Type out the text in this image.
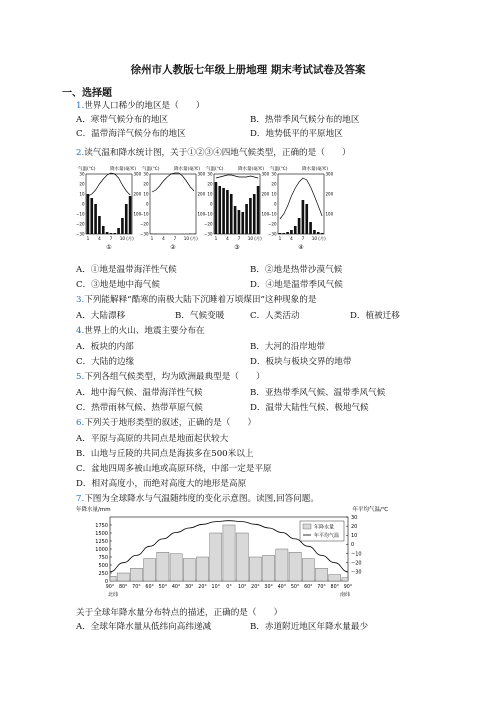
徐州市人教版七年级上册地理 期末考试试卷及答案
一、选择题
1.世界人口稀少的地区是（　　）
A．寒带气候分布的地区	B．热带季风气候分布的地区
C．温带海洋气候分布的地区	D．地势低平的平原地区
2.读气温和降水统计图，关于①②③④四地气候类型，正确的是（　　）
气温(℃)	降水量(毫米)
30
20
10
0
−10
−20
−30
300
200
100
1 4 7 10 (月)
①
气温(℃)	降水量(毫米)
30
20
10
0
−10
−20
−30
300
200
100
1 4 7 10 (月)
②
气温(℃)	降水量(毫米)
30
20
10
0
−10
−20
−30
300
200
100
1 4 7 10 (月)
③
气温(℃)	降水量(毫米)
30
20
10
0
−10
−20
−30
300
200
100
1 4 7 10 (月)
④
A．①地是温带海洋性气候	B．②地是热带沙漠气候
C．③地是地中海气候	D．④地是温带季风气候
3.下列能解释“酷寒的南极大陆下沉睡着万顷煤田”这种现象的是
A．大陆漂移	B．气候变暖	C．人类活动	D．植被迁移
4.世界上的火山、地震主要分布在
A．板块的内部	B．大河的沿岸地带
C．大陆的边缘	D．板块与板块交界的地带
5.下列各组气候类型，均为欧洲最典型是（　　）
A．地中海气候、温带海洋性气候	B．亚热带季风气候、温带季风气候
C．热带雨林气候、热带草原气候	D．温带大陆性气候、极地气候
6.下列关于地形类型的叙述，正确的是（　　）
A．平原与高原的共同点是地面起伏较大
B．山地与丘陵的共同点是海拔多在500米以上
C．盆地四周多被山地或高原环绕，中部一定是平原
D．相对高度小，而绝对高度大的地形是高原
7.下图为全球降水与气温随纬度的变化示意图。读图,回答问题。
年降水量/mm	年平均气温/℃
1750
1500
1250
1000
750
500
250
0
30
20
10
0
−10
−20
−30
年降水量
年平均气温
90° 80° 70° 60° 50° 40° 30° 20° 10° 0° 10° 20° 30° 40° 50° 60° 70° 80° 90°
北纬	南纬
关于全球年降水量分布特点的描述，正确的是（　　）
A．全球年降水量从低纬向高纬递减	B．赤道附近地区年降水量最少
